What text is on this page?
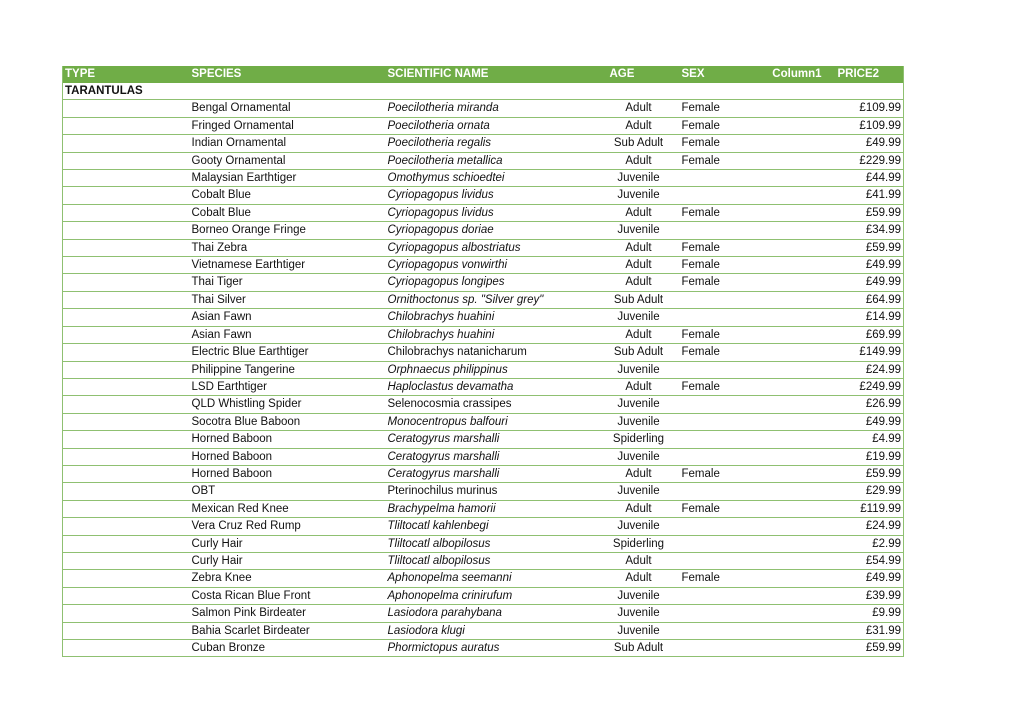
TYPE	SPECIES	SCIENTIFIC NAME	AGE	SEX	Column1	PRICE2
TARANTULAS						
	Bengal Ornamental	Poecilotheria miranda	Adult	Female		£109.99
	Fringed Ornamental	Poecilotheria ornata	Adult	Female		£109.99
	Indian Ornamental	Poecilotheria regalis	Sub Adult	Female		£49.99
	Gooty Ornamental	Poecilotheria metallica	Adult	Female		£229.99
	Malaysian Earthtiger	Omothymus schioedtei	Juvenile			£44.99
	Cobalt Blue	Cyriopagopus lividus	Juvenile			£41.99
	Cobalt Blue	Cyriopagopus lividus	Adult	Female		£59.99
	Borneo Orange Fringe	Cyriopagopus doriae	Juvenile			£34.99
	Thai Zebra	Cyriopagopus albostriatus	Adult	Female		£59.99
	Vietnamese Earthtiger	Cyriopagopus vonwirthi	Adult	Female		£49.99
	Thai Tiger	Cyriopagopus longipes	Adult	Female		£49.99
	Thai Silver	Ornithoctonus sp. "Silver grey"	Sub Adult			£64.99
	Asian Fawn	Chilobrachys huahini	Juvenile			£14.99
	Asian Fawn	Chilobrachys huahini	Adult	Female		£69.99
	Electric Blue Earthtiger	Chilobrachys natanicharum	Sub Adult	Female		£149.99
	Philippine Tangerine	Orphnaecus philippinus	Juvenile			£24.99
	LSD Earthtiger	Haploclastus devamatha	Adult	Female		£249.99
	QLD Whistling Spider	Selenocosmia crassipes	Juvenile			£26.99
	Socotra Blue Baboon	Monocentropus balfouri	Juvenile			£49.99
	Horned Baboon	Ceratogyrus marshalli	Spiderling			£4.99
	Horned Baboon	Ceratogyrus marshalli	Juvenile			£19.99
	Horned Baboon	Ceratogyrus marshalli	Adult	Female		£59.99
	OBT	Pterinochilus murinus	Juvenile			£29.99
	Mexican Red Knee	Brachypelma hamorii	Adult	Female		£119.99
	Vera Cruz Red Rump	Tliltocatl kahlenbegi	Juvenile			£24.99
	Curly Hair	Tliltocatl albopilosus	Spiderling			£2.99
	Curly Hair	Tliltocatl albopilosus	Adult			£54.99
	Zebra Knee	Aphonopelma seemanni	Adult	Female		£49.99
	Costa Rican Blue Front	Aphonopelma crinirufum	Juvenile			£39.99
	Salmon Pink Birdeater	Lasiodora parahybana	Juvenile			£9.99
	Bahia Scarlet Birdeater	Lasiodora klugi	Juvenile			£31.99
	Cuban Bronze	Phormictopus auratus	Sub Adult			£59.99
